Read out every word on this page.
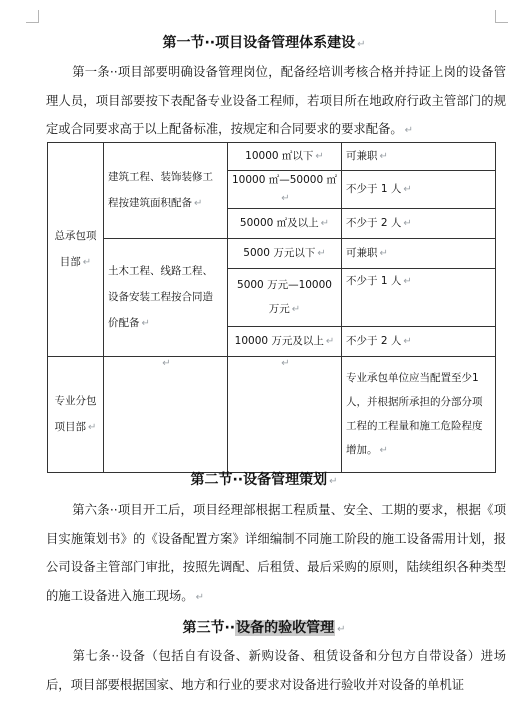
第一节··项目设备管理体系建设 ↵
第一条··项目部要明确设备管理岗位，配备经培训考核合格并持证上岗的设备管理人员，项目部要按下表配备专业设备工程师，若项目所在地政府行政主管部门的规定或合同要求高于以上配备标准，按规定和合同要求的要求配备。 ↵
总承包项目部 ↵	建筑工程、装饰装修工程按建筑面积配备 ↵	10000 ㎡以下 ↵	可兼职 ↵
		10000 ㎡—50000 ㎡↵	不少于 1 人 ↵
		50000 ㎡及以上 ↵	不少于 2 人 ↵
	土木工程、线路工程、设备安装工程按合同造价配备 ↵	5000 万元以下 ↵	可兼职 ↵
		5000 万元—10000 万元 ↵	不少于 1 人 ↵
		10000 万元及以上 ↵	不少于 2 人 ↵
专业分包项目部 ↵	↵	↵	专业承包单位应当配置至少1人，并根据所承担的分部分项工程的工程量和施工危险程度增加。 ↵
第二节··设备管理策划 ↵
第六条··项目开工后，项目经理部根据工程质量、安全、工期的要求，根据《项目实施策划书》的《设备配置方案》详细编制不同施工阶段的施工设备需用计划，报公司设备主管部门审批，按照先调配、后租赁、最后采购的原则，陆续组织各种类型的施工设备进入施工现场。 ↵
第三节··设备的验收管理 ↵
第七条··设备（包括自有设备、新购设备、租赁设备和分包方自带设备）进场后，项目部要根据国家、地方和行业的要求对设备进行验收并对设备的单机证
